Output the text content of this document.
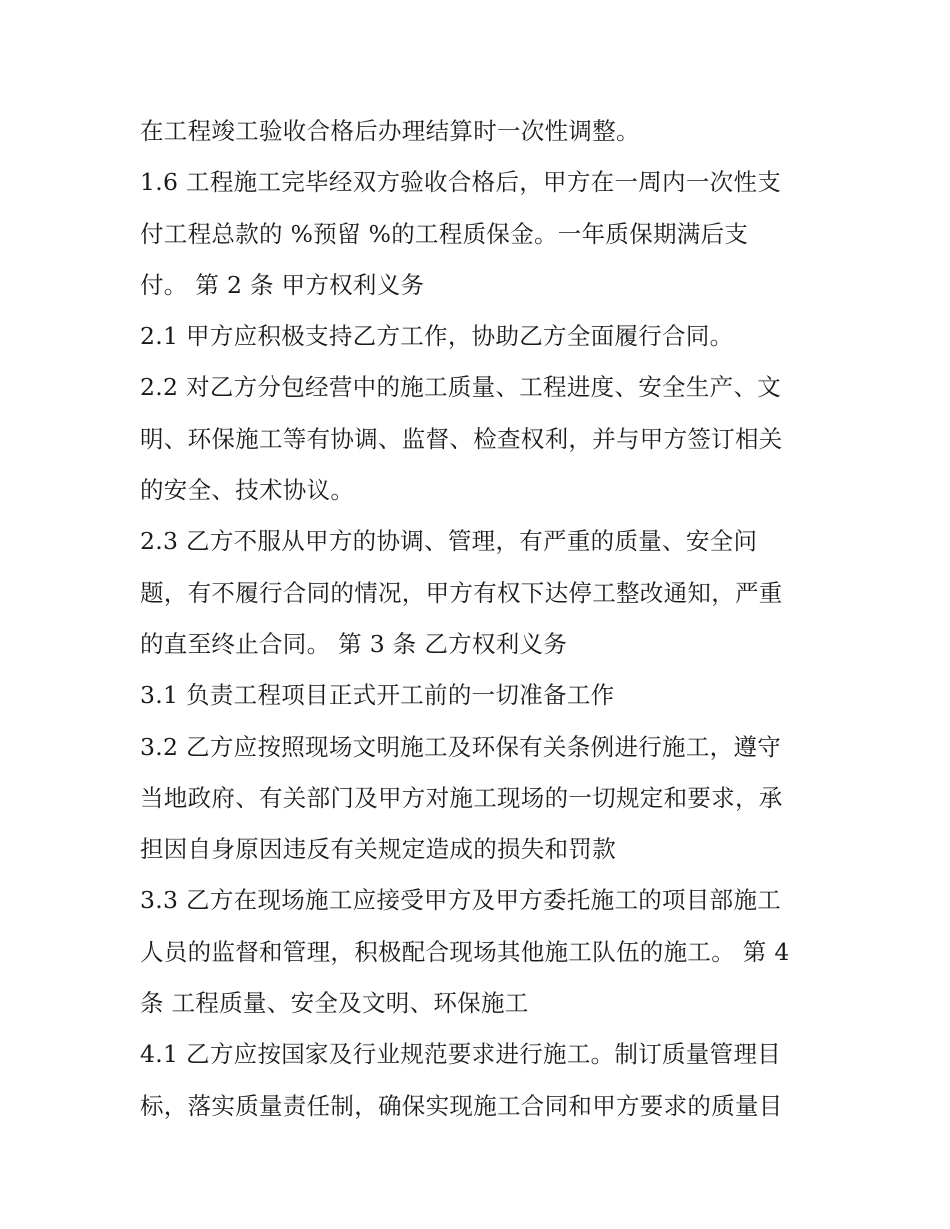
在工程竣工验收合格后办理结算时一次性调整。
1.6 工程施工完毕经双方验收合格后，甲方在一周内一次性支
付工程总款的 %预留 %的工程质保金。一年质保期满后支
付。 第 2 条 甲方权利义务
2.1 甲方应积极支持乙方工作，协助乙方全面履行合同。
2.2 对乙方分包经营中的施工质量、工程进度、安全生产、文
明、环保施工等有协调、监督、检查权利，并与甲方签订相关
的安全、技术协议。
2.3 乙方不服从甲方的协调、管理，有严重的质量、安全问
题，有不履行合同的情况，甲方有权下达停工整改通知，严重
的直至终止合同。 第 3 条 乙方权利义务
3.1 负责工程项目正式开工前的一切准备工作
3.2 乙方应按照现场文明施工及环保有关条例进行施工，遵守
当地政府、有关部门及甲方对施工现场的一切规定和要求，承
担因自身原因违反有关规定造成的损失和罚款
3.3 乙方在现场施工应接受甲方及甲方委托施工的项目部施工
人员的监督和管理，积极配合现场其他施工队伍的施工。 第 4
条 工程质量、安全及文明、环保施工
4.1 乙方应按国家及行业规范要求进行施工。制订质量管理目
标，落实质量责任制，确保实现施工合同和甲方要求的质量目
